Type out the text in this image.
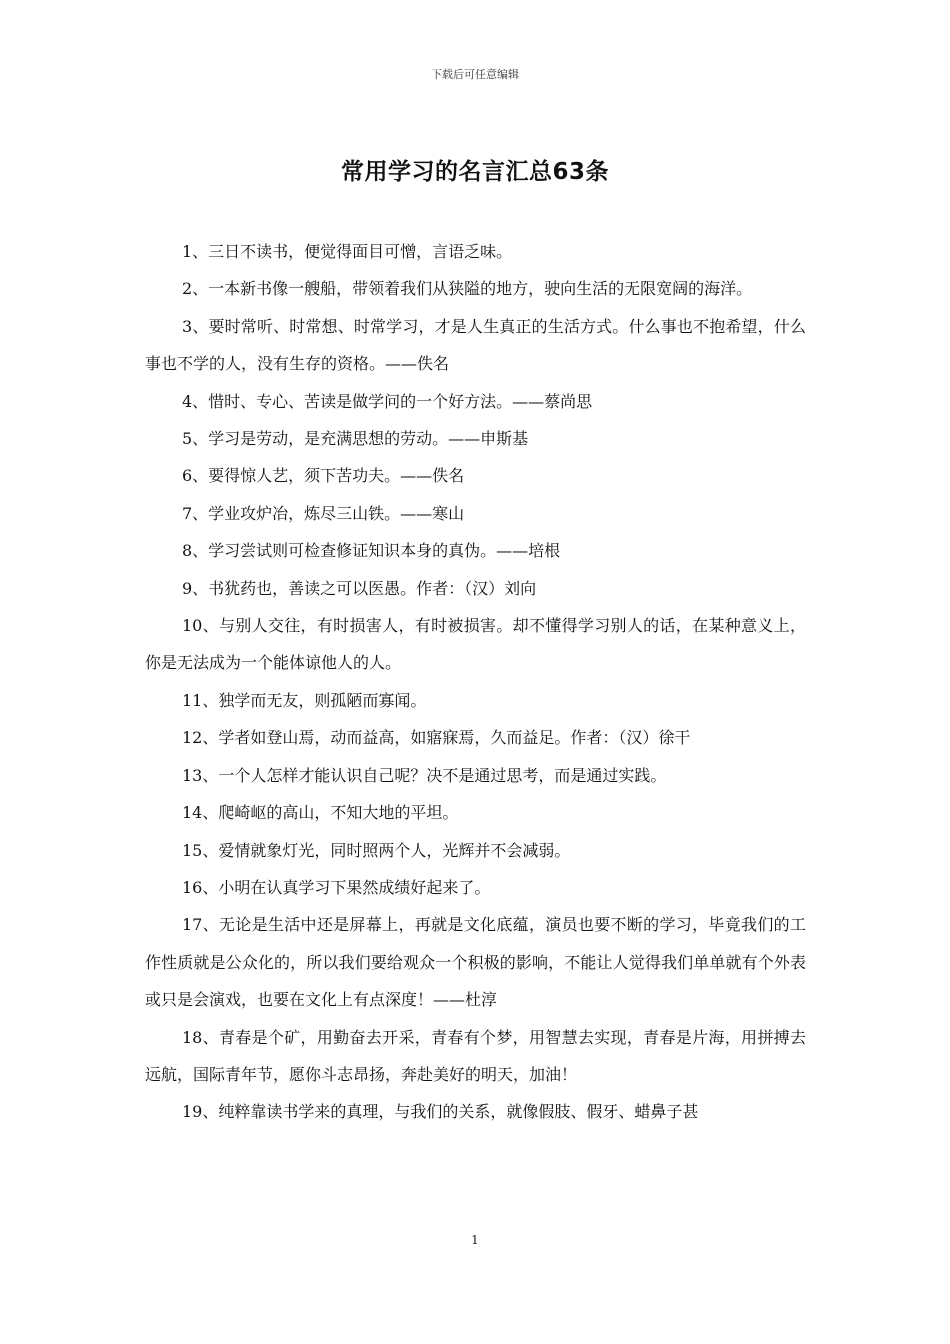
下载后可任意编辑
常用学习的名言汇总63条

1、三日不读书，便觉得面目可憎，言语乏味。

2、一本新书像一艘船，带领着我们从狭隘的地方，驶向生活的无限宽阔的海洋。

3、要时常听、时常想、时常学习，才是人生真正的生活方式。什么事也不抱希望，什么事也不学的人，没有生存的资格。——佚名

4、惜时、专心、苦读是做学问的一个好方法。——蔡尚思

5、学习是劳动，是充满思想的劳动。——申斯基

6、要得惊人艺，须下苦功夫。——佚名

7、学业攻炉冶，炼尽三山铁。——寒山

8、学习尝试则可检查修证知识本身的真伪。——培根

9、书犹药也，善读之可以医愚。作者：（汉）刘向

10、与别人交往，有时损害人，有时被损害。却不懂得学习别人的话，在某种意义上，你是无法成为一个能体谅他人的人。

11、独学而无友，则孤陋而寡闻。

12、学者如登山焉，动而益高，如寤寐焉，久而益足。作者：（汉）徐干

13、一个人怎样才能认识自己呢？决不是通过思考，而是通过实践。

14、爬崎岖的高山，不知大地的平坦。

15、爱情就象灯光，同时照两个人，光辉并不会减弱。

16、小明在认真学习下果然成绩好起来了。

17、无论是生活中还是屏幕上，再就是文化底蕴，演员也要不断的学习，毕竟我们的工作性质就是公众化的，所以我们要给观众一个积极的影响，不能让人觉得我们单单就有个外表或只是会演戏，也要在文化上有点深度！——杜淳

18、青春是个矿，用勤奋去开采，青春有个梦，用智慧去实现，青春是片海，用拼搏去远航，国际青年节，愿你斗志昂扬，奔赴美好的明天，加油！

19、纯粹靠读书学来的真理，与我们的关系，就像假肢、假牙、蜡鼻子甚

1
